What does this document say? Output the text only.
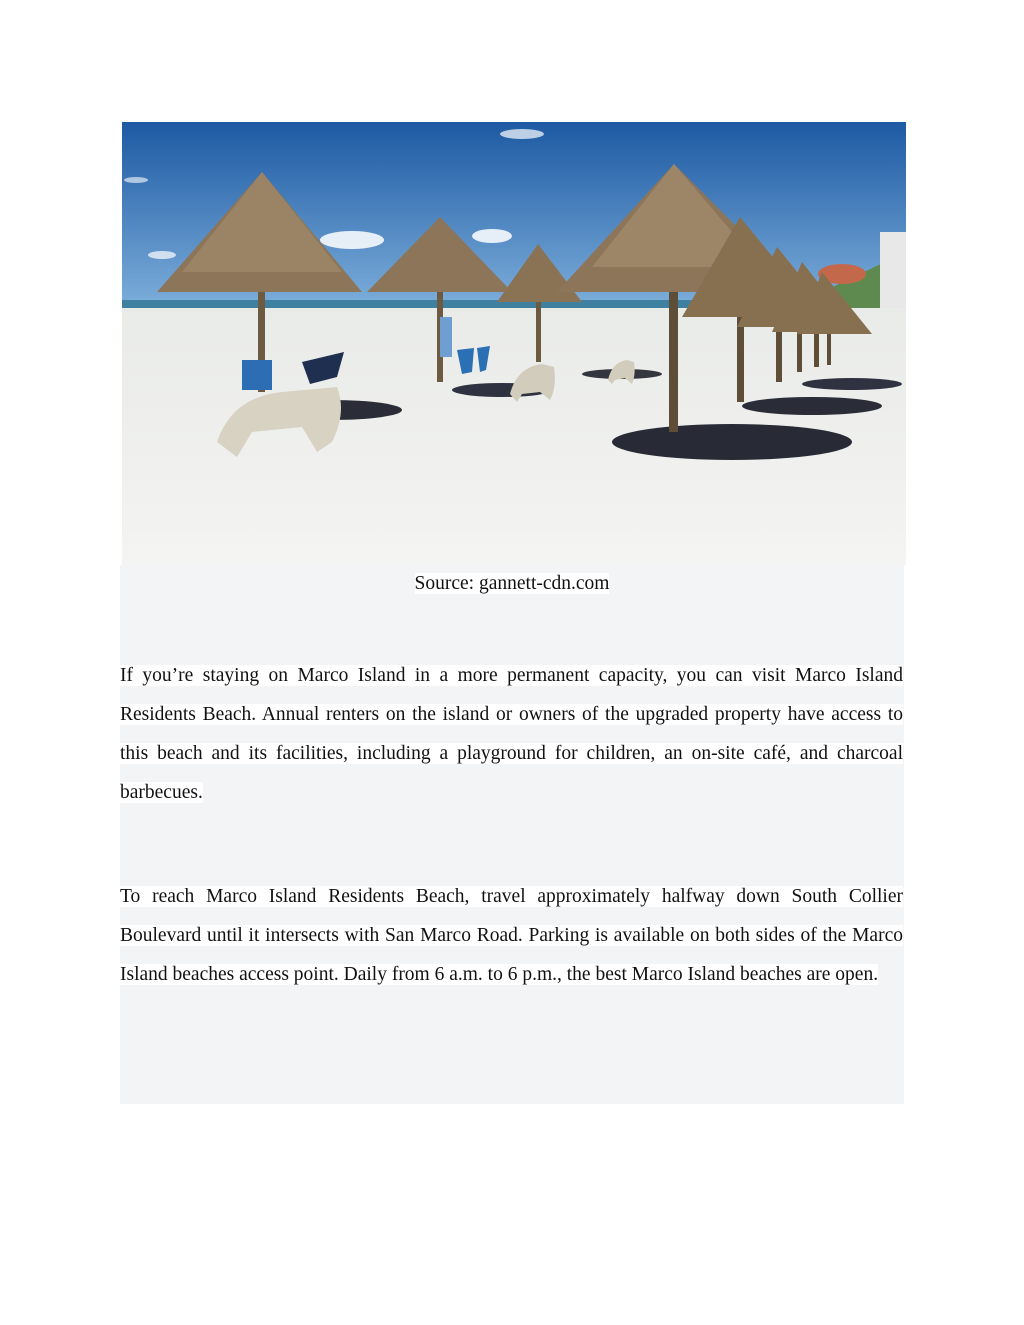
Source: gannett-cdn.com

If you’re staying on Marco Island in a more permanent capacity, you can visit Marco Island Residents Beach. Annual renters on the island or owners of the upgraded property have access to this beach and its facilities, including a playground for children, an on-site café, and charcoal barbecues.

To reach Marco Island Residents Beach, travel approximately halfway down South Collier Boulevard until it intersects with San Marco Road. Parking is available on both sides of the Marco Island beaches access point. Daily from 6 a.m. to 6 p.m., the best Marco Island beaches are open.
